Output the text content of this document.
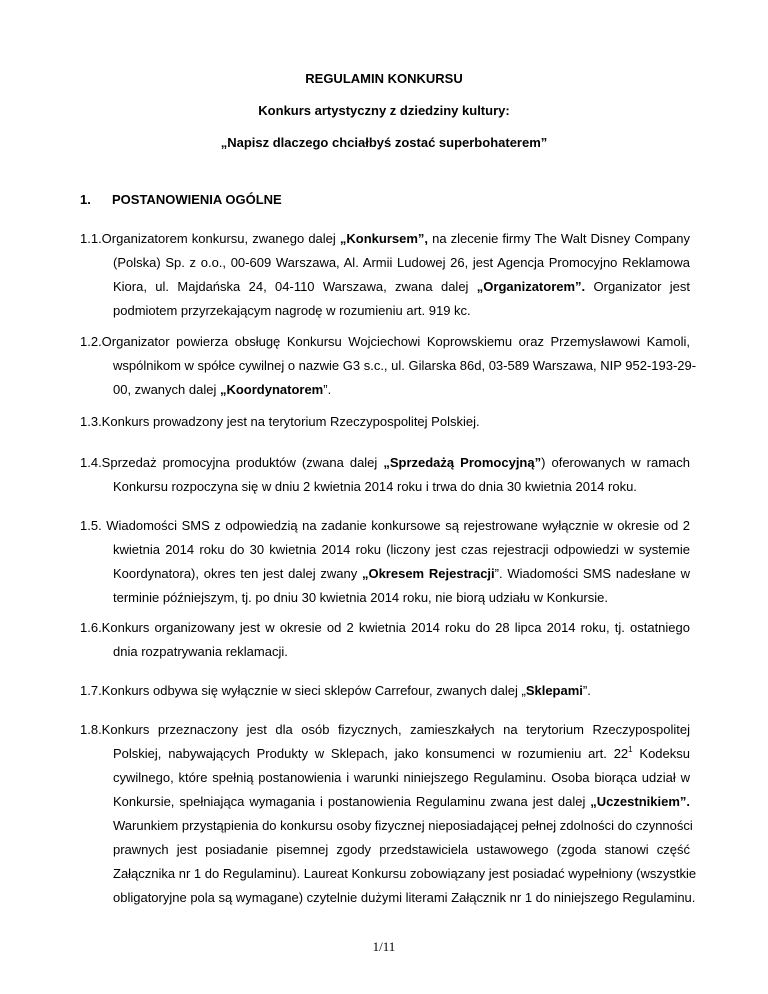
REGULAMIN KONKURSU
Konkurs artystyczny z dziedziny kultury:
„Napisz dlaczego chciałbyś zostać superbohaterem”
1. POSTANOWIENIA OGÓLNE
1.1.Organizatorem konkursu, zwanego dalej „Konkursem”, na zlecenie firmy The Walt Disney Company
(Polska) Sp. z o.o., 00-609 Warszawa, Al. Armii Ludowej 26, jest Agencja Promocyjno Reklamowa
Kiora, ul. Majdańska 24, 04-110 Warszawa, zwana dalej „Organizatorem”. Organizator jest
podmiotem przyrzekającym nagrodę w rozumieniu art. 919 kc.
1.2.Organizator powierza obsługę Konkursu Wojciechowi Koprowskiemu oraz Przemysławowi Kamoli,
wspólnikom w spółce cywilnej o nazwie G3 s.c., ul. Gilarska 86d, 03-589 Warszawa, NIP 952-193-29-
00, zwanych dalej „Koordynatorem”.
1.3.Konkurs prowadzony jest na terytorium Rzeczypospolitej Polskiej.
1.4.Sprzedaż promocyjna produktów (zwana dalej „Sprzedażą Promocyjną”) oferowanych w ramach
Konkursu rozpoczyna się w dniu 2 kwietnia 2014 roku i trwa do dnia 30 kwietnia 2014 roku.
1.5. Wiadomości SMS z odpowiedzią na zadanie konkursowe są rejestrowane wyłącznie w okresie od 2
kwietnia 2014 roku do 30 kwietnia 2014 roku (liczony jest czas rejestracji odpowiedzi w systemie
Koordynatora), okres ten jest dalej zwany „Okresem Rejestracji”. Wiadomości SMS nadesłane w
terminie późniejszym, tj. po dniu 30 kwietnia 2014 roku, nie biorą udziału w Konkursie.
1.6.Konkurs organizowany jest w okresie od 2 kwietnia 2014 roku do 28 lipca 2014 roku, tj. ostatniego
dnia rozpatrywania reklamacji.
1.7.Konkurs odbywa się wyłącznie w sieci sklepów Carrefour, zwanych dalej „Sklepami”.
1.8.Konkurs przeznaczony jest dla osób fizycznych, zamieszkałych na terytorium Rzeczypospolitej
Polskiej, nabywających Produkty w Sklepach, jako konsumenci w rozumieniu art. $22^1$ Kodeksu
cywilnego, które spełnią postanowienia i warunki niniejszego Regulaminu. Osoba biorąca udział w
Konkursie, spełniająca wymagania i postanowienia Regulaminu zwana jest dalej „Uczestnikiem”.
Warunkiem przystąpienia do konkursu osoby fizycznej nieposiadającej pełnej zdolności do czynności
prawnych jest posiadanie pisemnej zgody przedstawiciela ustawowego (zgoda stanowi część
Załącznika nr 1 do Regulaminu). Laureat Konkursu zobowiązany jest posiadać wypełniony (wszystkie
obligatoryjne pola są wymagane) czytelnie dużymi literami Załącznik nr 1 do niniejszego Regulaminu.
1/11
